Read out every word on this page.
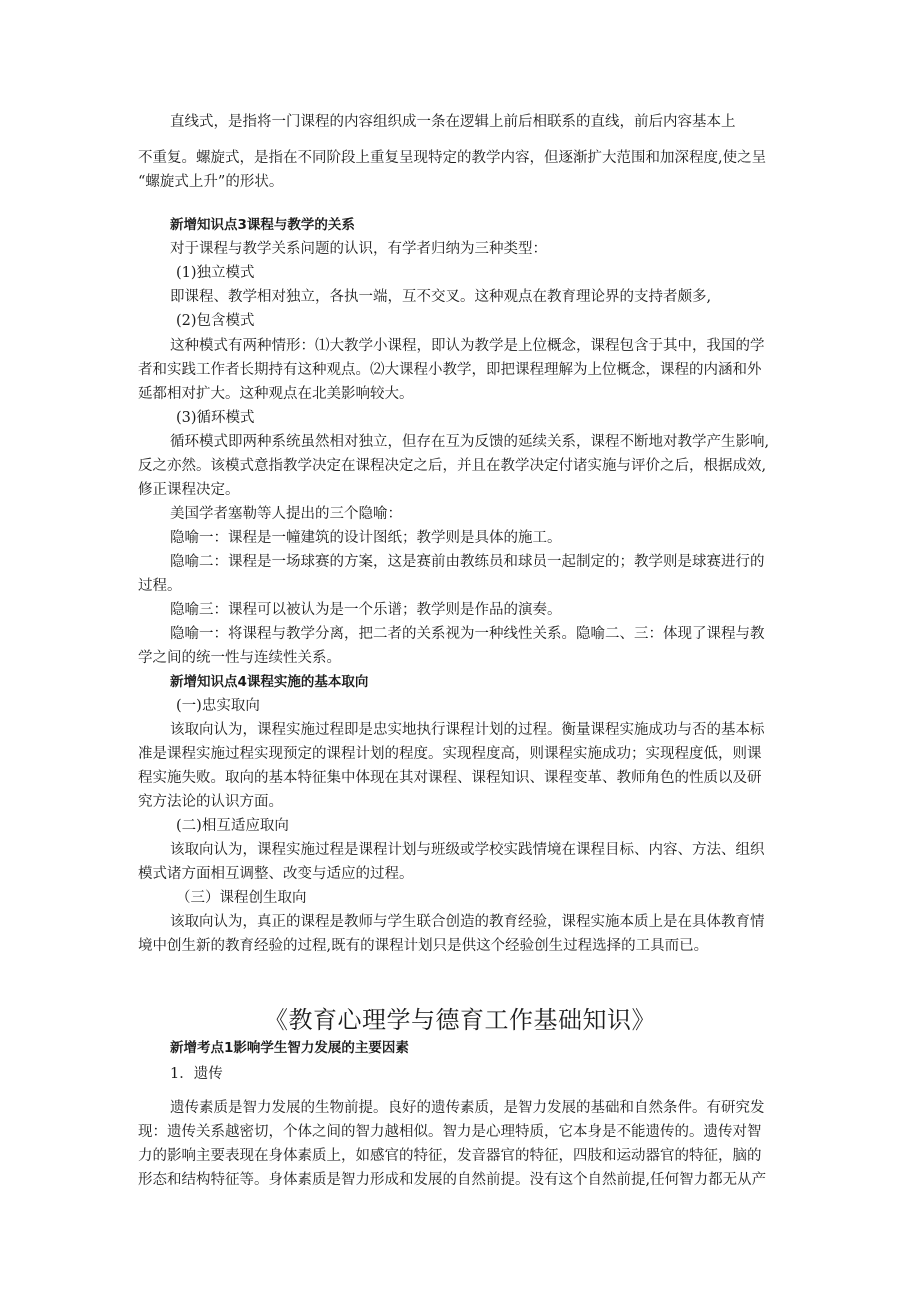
直线式，是指将一门课程的内容组织成一条在逻辑上前后相联系的直线，前后内容基本上

不重复。螺旋式，是指在不同阶段上重复呈现特定的教学内容，但逐渐扩大范围和加深程度,使之呈

“螺旋式上升”的形状。

新增知识点3课程与教学的关系

对于课程与教学关系问题的认识，有学者归纳为三种类型：

(1)独立模式

即课程、教学相对独立，各执一端，互不交叉。这种观点在教育理论界的支持者颇多,

(2)包含模式

这种模式有两种情形：⑴大教学小课程，即认为教学是上位概念，课程包含于其中，我国的学

者和实践工作者长期持有这种观点。⑵大课程小教学，即把课程理解为上位概念，课程的内涵和外

延都相对扩大。这种观点在北美影响较大。

(3)循环模式

循环模式即两种系统虽然相对独立，但存在互为反馈的延续关系，课程不断地对教学产生影响,

反之亦然。该模式意指教学决定在课程决定之后，并且在教学决定付诸实施与评价之后，根据成效,

修正课程决定。

美国学者塞勒等人提出的三个隐喻：

隐喻一：课程是一幢建筑的设计图纸；教学则是具体的施工。

隐喻二：课程是一场球赛的方案，这是赛前由教练员和球员一起制定的；教学则是球赛进行的

过程。

隐喻三：课程可以被认为是一个乐谱；教学则是作品的演奏。

隐喻一：将课程与教学分离，把二者的关系视为一种线性关系。隐喻二、三：体现了课程与教

学之间的统一性与连续性关系。

新增知识点4课程实施的基本取向

(一)忠实取向

该取向认为，课程实施过程即是忠实地执行课程计划的过程。衡量课程实施成功与否的基本标

准是课程实施过程实现预定的课程计划的程度。实现程度高，则课程实施成功；实现程度低，则课

程实施失败。取向的基本特征集中体现在其对课程、课程知识、课程变革、教师角色的性质以及研

究方法论的认识方面。

(二)相互适应取向

该取向认为，课程实施过程是课程计划与班级或学校实践情境在课程目标、内容、方法、组织

模式诸方面相互调整、改变与适应的过程。

（三）课程创生取向

该取向认为，真正的课程是教师与学生联合创造的教育经验，课程实施本质上是在具体教育情

境中创生新的教育经验的过程,既有的课程计划只是供这个经验创生过程选择的工具而已。

《教育心理学与德育工作基础知识》

新增考点1影响学生智力发展的主要因素

1．遗传

遗传素质是智力发展的生物前提。良好的遗传素质，是智力发展的基础和自然条件。有研究发

现：遗传关系越密切，个体之间的智力越相似。智力是心理特质，它本身是不能遗传的。遗传对智

力的影响主要表现在身体素质上，如感官的特征，发音器官的特征，四肢和运动器官的特征，脑的

形态和结构特征等。身体素质是智力形成和发展的自然前提。没有这个自然前提,任何智力都无从产
